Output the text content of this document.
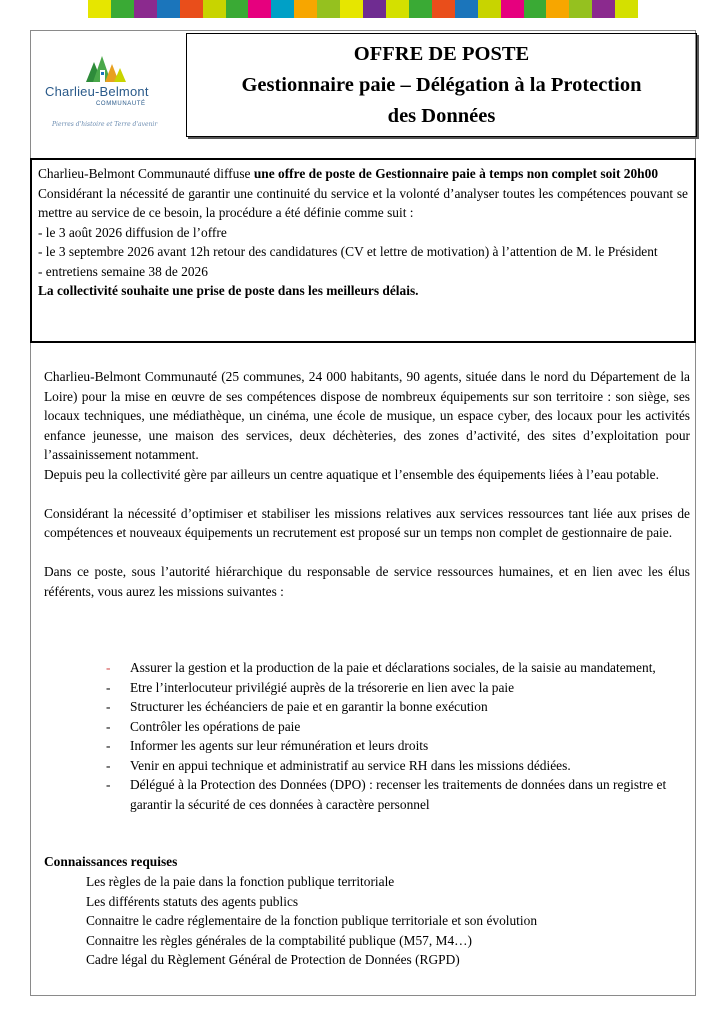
Charlieu-Belmont
COMMUNAUTÉ
Pierres d'histoire et Terre d'avenir
OFFRE DE POSTE
Gestionnaire paie – Délégation à la Protection
des Données

Charlieu-Belmont Communauté diffuse une offre de poste de Gestionnaire paie à temps non complet soit 20h00

Considérant la nécessité de garantir une continuité du service et la volonté d’analyser toutes les compétences pouvant se mettre au service de ce besoin, la procédure a été définie comme suit :

- le 3 août 2026 diffusion de l’offre

- le 3 septembre 2026 avant 12h retour des candidatures (CV et lettre de motivation) à l’attention de M. le Président

- entretiens semaine 38 de 2026

La collectivité souhaite une prise de poste dans les meilleurs délais.

Charlieu-Belmont Communauté (25 communes, 24 000 habitants, 90 agents, située dans le nord du Département de la Loire) pour la mise en œuvre de ses compétences dispose de nombreux équipements sur son territoire : son siège, ses locaux techniques, une médiathèque, un cinéma, une école de musique, un espace cyber, des locaux pour les activités enfance jeunesse, une maison des services, deux déchèteries, des zones d’activité, des sites d’exploitation pour l’assainissement notamment.

Depuis peu la collectivité gère par ailleurs un centre aquatique et l’ensemble des équipements liées à l’eau potable.

Considérant la nécessité d’optimiser et stabiliser les missions relatives aux services ressources tant liée aux prises de compétences et nouveaux équipements un recrutement est proposé sur un temps non complet de gestionnaire de paie.

Dans ce poste, sous l’autorité hiérarchique du responsable de service ressources humaines, et en lien avec les élus référents, vous aurez les missions suivantes :

- Assurer la gestion et la production de la paie et déclarations sociales, de la saisie au mandatement,
- Etre l’interlocuteur privilégié auprès de la trésorerie en lien avec la paie
- Structurer les échéanciers de paie et en garantir la bonne exécution
- Contrôler les opérations de paie
- Informer les agents sur leur rémunération et leurs droits
- Venir en appui technique et administratif au service RH dans les missions dédiées.
- Délégué à la Protection des Données (DPO) : recenser les traitements de données dans un registre et garantir la sécurité de ces données à caractère personnel
Connaissances requises
Les règles de la paie dans la fonction publique territoriale
Les différents statuts des agents publics
Connaitre le cadre réglementaire de la fonction publique territoriale et son évolution
Connaitre les règles générales de la comptabilité publique (M57, M4…)
Cadre légal du Règlement Général de Protection de Données (RGPD)
